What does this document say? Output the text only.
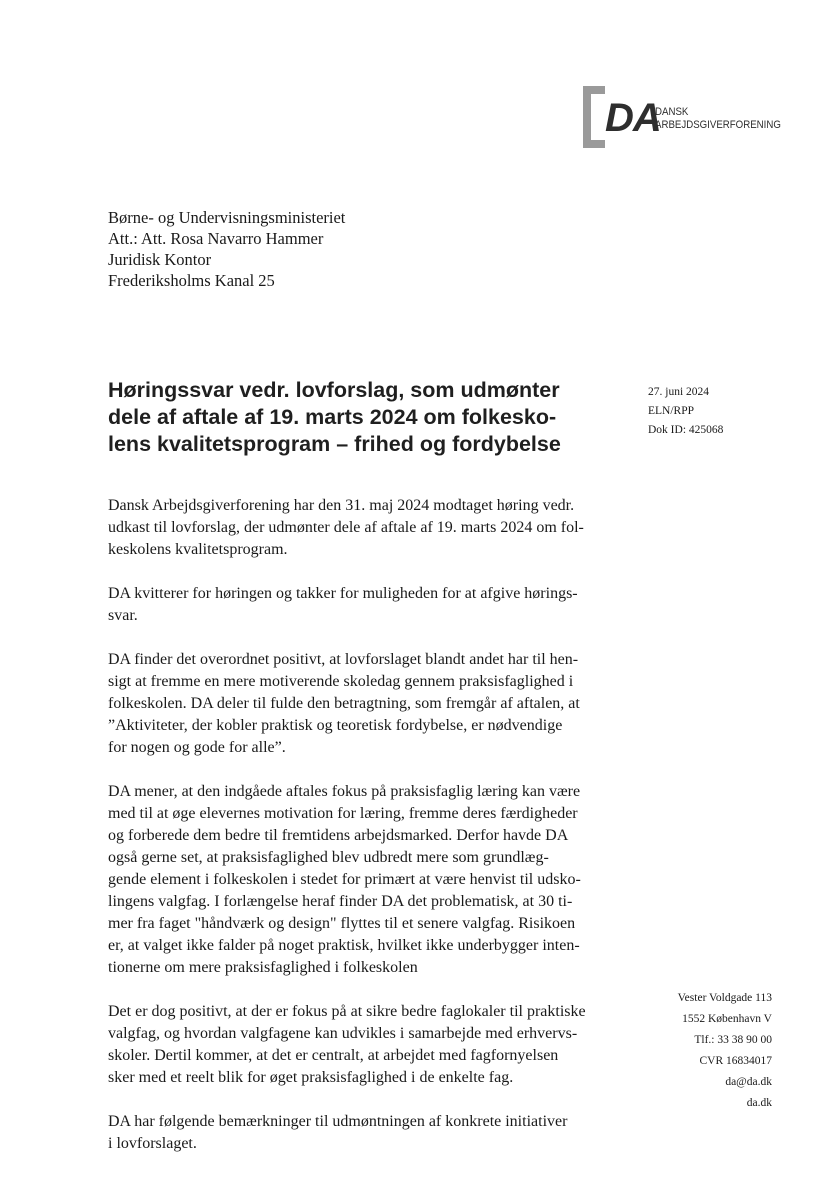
DA
DANSK
ARBEJDSGIVERFORENING
Børne- og Undervisningsministeriet
Att.: Att. Rosa Navarro Hammer
Juridisk Kontor
Frederiksholms Kanal 25
Høringssvar vedr. lovforslag, som udmønter
dele af aftale af 19. marts 2024 om folkesko-
lens kvalitetsprogram – frihed og fordybelse
27. juni 2024
ELN/RPP
Dok ID: 425068

Dansk Arbejdsgiverforening har den 31. maj 2024 modtaget høring vedr.
udkast til lovforslag, der udmønter dele af aftale af 19. marts 2024 om fol-
keskolens kvalitetsprogram.

DA kvitterer for høringen og takker for muligheden for at afgive hørings-
svar.

DA finder det overordnet positivt, at lovforslaget blandt andet har til hen-
sigt at fremme en mere motiverende skoledag gennem praksisfaglighed i
folkeskolen. DA deler til fulde den betragtning, som fremgår af aftalen, at
”Aktiviteter, der kobler praktisk og teoretisk fordybelse, er nødvendige
for nogen og gode for alle”.

DA mener, at den indgåede aftales fokus på praksisfaglig læring kan være
med til at øge elevernes motivation for læring, fremme deres færdigheder
og forberede dem bedre til fremtidens arbejdsmarked. Derfor havde DA
også gerne set, at praksisfaglighed blev udbredt mere som grundlæg-
gende element i folkeskolen i stedet for primært at være henvist til udsko-
lingens valgfag. I forlængelse heraf finder DA det problematisk, at 30 ti-
mer fra faget "håndværk og design" flyttes til et senere valgfag. Risikoen
er, at valget ikke falder på noget praktisk, hvilket ikke underbygger inten-
tionerne om mere praksisfaglighed i folkeskolen

Det er dog positivt, at der er fokus på at sikre bedre faglokaler til praktiske
valgfag, og hvordan valgfagene kan udvikles i samarbejde med erhvervs-
skoler. Dertil kommer, at det er centralt, at arbejdet med fagfornyelsen
sker med et reelt blik for øget praksisfaglighed i de enkelte fag.

DA har følgende bemærkninger til udmøntningen af konkrete initiativer
i lovforslaget.

Vester Voldgade 113
1552 København V
Tlf.: 33 38 90 00
CVR 16834017
da@da.dk
da.dk
